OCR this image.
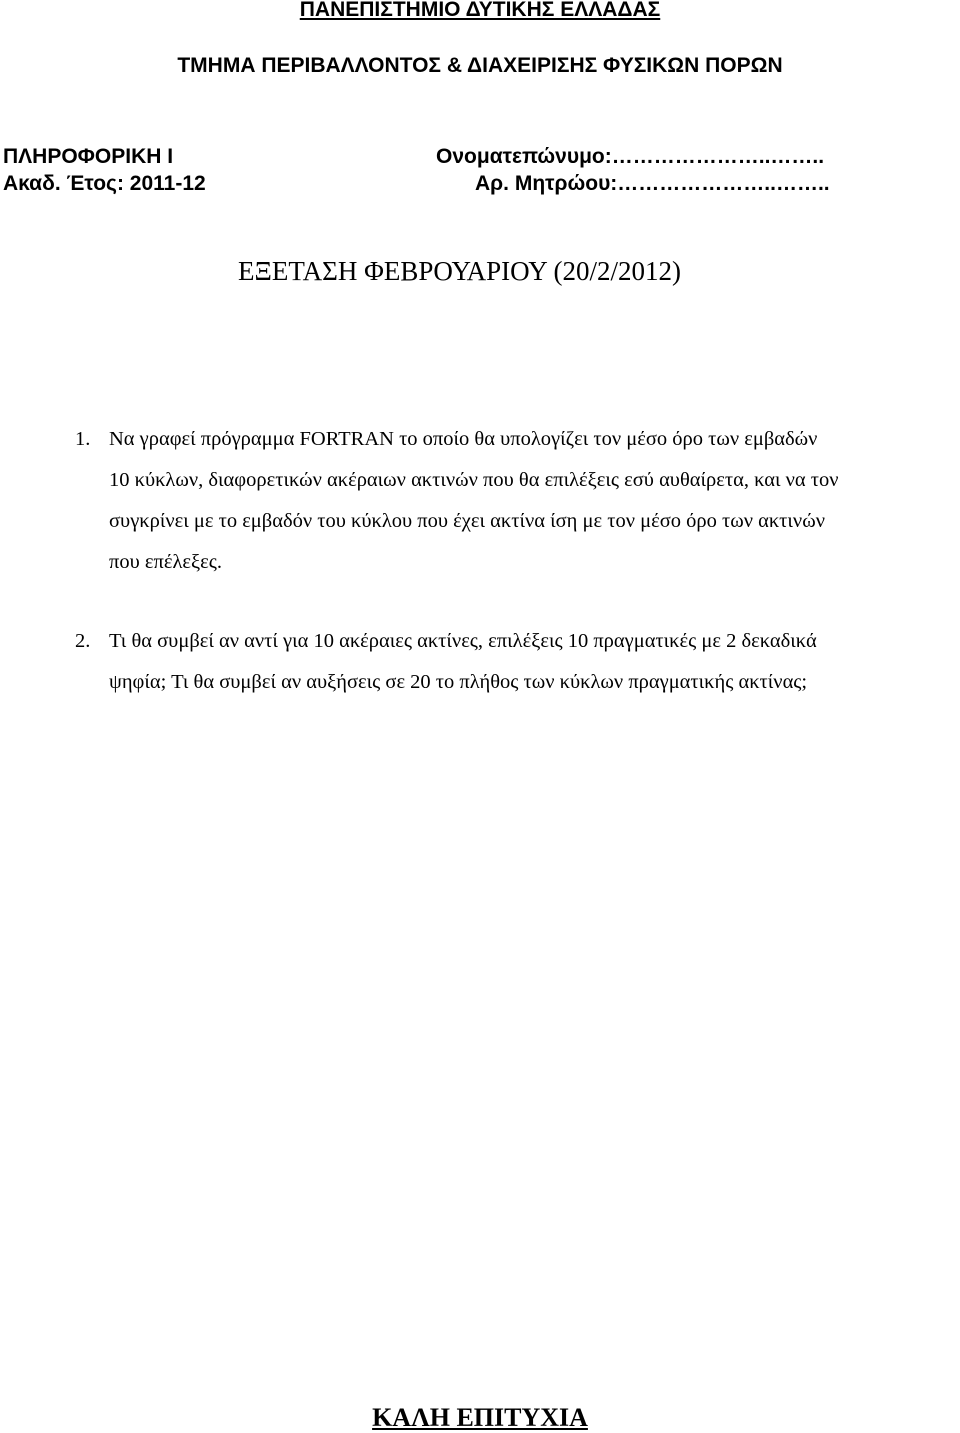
ΠΑΝΕΠΙΣΤΗΜΙΟ ΔΥΤΙΚΗΣ ΕΛΛΑΔΑΣ
ΤΜΗΜΑ ΠΕΡΙΒΑΛΛΟΝΤΟΣ & ΔΙΑΧΕΙΡΙΣΗΣ ΦΥΣΙΚΩΝ ΠΟΡΩΝ
ΠΛΗΡΟΦΟΡΙΚΗ Ι
Ακαδ. Έτος: 2011-12
Ονοματεπώνυμο:…………………..……..
Αρ. Μητρώου:…………………..……..
ΕΞΕΤΑΣΗ ΦΕΒΡΟΥΑΡΙΟΥ (20/2/2012)
1. Να γραφεί πρόγραμμα FORTRAN το οποίο θα υπολογίζει τον μέσο όρο των εμβαδών
10 κύκλων, διαφορετικών ακέραιων ακτινών που θα επιλέξεις εσύ αυθαίρετα, και να τον
συγκρίνει με το εμβαδόν του κύκλου που έχει ακτίνα ίση με τον μέσο όρο των ακτινών
που επέλεξες.
2. Τι θα συμβεί αν αντί για 10 ακέραιες ακτίνες, επιλέξεις 10 πραγματικές με 2 δεκαδικά
ψηφία; Τι θα συμβεί αν αυξήσεις σε 20 το πλήθος των κύκλων πραγματικής ακτίνας;
ΚΑΛΗ ΕΠΙΤΥΧΙΑ
